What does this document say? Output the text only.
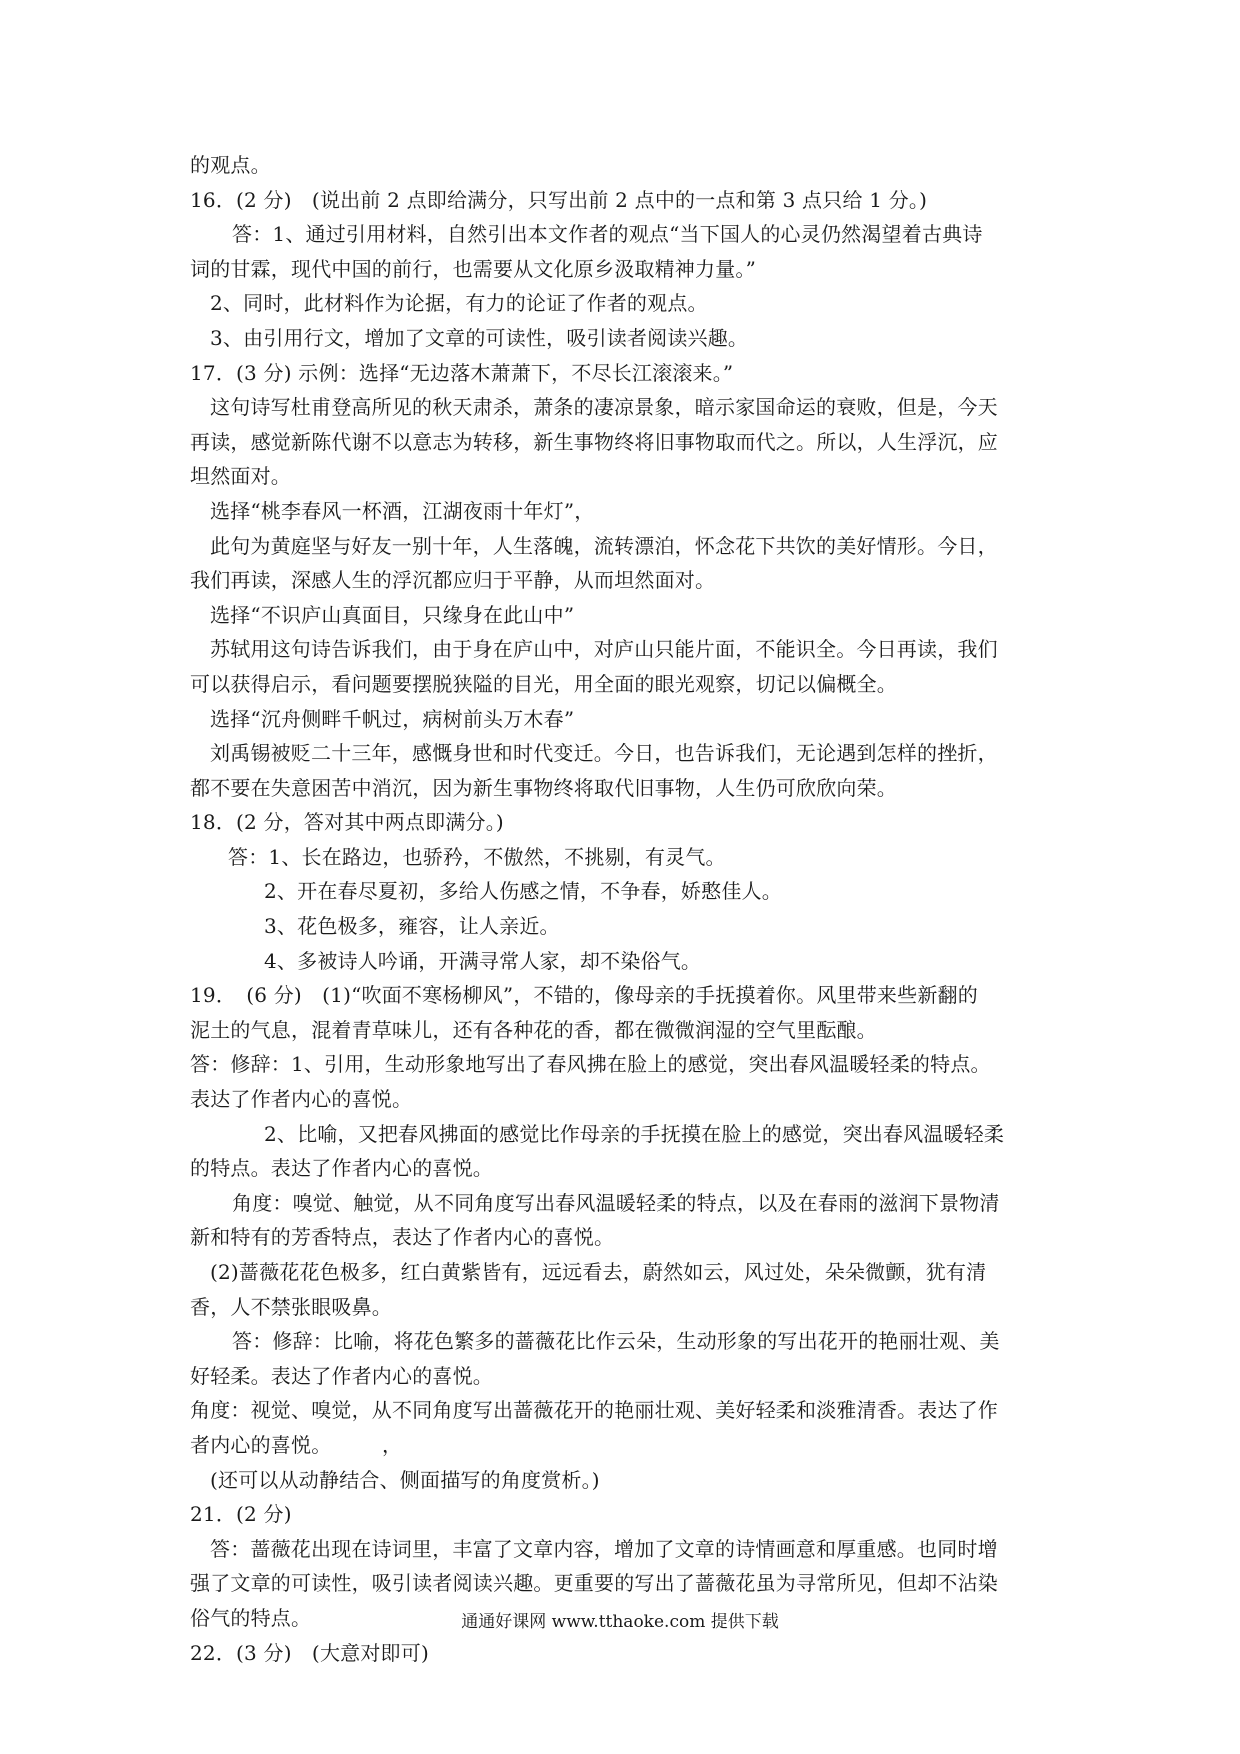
的观点。
16．(2 分)　(说出前 2 点即给满分，只写出前 2 点中的一点和第 3 点只给 1 分。)
答：1、通过引用材料，自然引出本文作者的观点“当下国人的心灵仍然渴望着古典诗
词的甘霖，现代中国的前行，也需要从文化原乡汲取精神力量。”
2、同时，此材料作为论据，有力的论证了作者的观点。
3、由引用行文，增加了文章的可读性，吸引读者阅读兴趣。
17．(3 分) 示例：选择“无边落木萧萧下，不尽长江滚滚来。”
这句诗写杜甫登高所见的秋天肃杀，萧条的凄凉景象，暗示家国命运的衰败，但是，今天
再读，感觉新陈代谢不以意志为转移，新生事物终将旧事物取而代之。所以，人生浮沉，应
坦然面对。
选择“桃李春风一杯酒，江湖夜雨十年灯”，
此句为黄庭坚与好友一别十年，人生落魄，流转漂泊，怀念花下共饮的美好情形。今日，
我们再读，深感人生的浮沉都应归于平静，从而坦然面对。
选择“不识庐山真面目，只缘身在此山中”
苏轼用这句诗告诉我们，由于身在庐山中，对庐山只能片面，不能识全。今日再读，我们
可以获得启示，看问题要摆脱狭隘的目光，用全面的眼光观察，切记以偏概全。
选择“沉舟侧畔千帆过，病树前头万木春”
刘禹锡被贬二十三年，感慨身世和时代变迁。今日，也告诉我们，无论遇到怎样的挫折，
都不要在失意困苦中消沉，因为新生事物终将取代旧事物，人生仍可欣欣向荣。
18．(2 分，答对其中两点即满分。)
答：1、长在路边，也骄矜，不傲然，不挑剔，有灵气。
2、开在春尽夏初，多给人伤感之情，不争春，娇憨佳人。
3、花色极多，雍容，让人亲近。
4、多被诗人吟诵，开满寻常人家，却不染俗气。
19．　(6 分)　(1)“吹面不寒杨柳风”，不错的，像母亲的手抚摸着你。风里带来些新翻的
泥土的气息，混着青草味儿，还有各种花的香，都在微微润湿的空气里酝酿。
答：修辞：1、引用，生动形象地写出了春风拂在脸上的感觉，突出春风温暖轻柔的特点。
表达了作者内心的喜悦。
2、比喻，又把春风拂面的感觉比作母亲的手抚摸在脸上的感觉，突出春风温暖轻柔
的特点。表达了作者内心的喜悦。
角度：嗅觉、触觉，从不同角度写出春风温暖轻柔的特点，以及在春雨的滋润下景物清
新和特有的芳香特点，表达了作者内心的喜悦。
(2)蔷薇花花色极多，红白黄紫皆有，远远看去，蔚然如云，风过处，朵朵微颤，犹有清
香，人不禁张眼吸鼻。
答：修辞：比喻，将花色繁多的蔷薇花比作云朵，生动形象的写出花开的艳丽壮观、美
好轻柔。表达了作者内心的喜悦。
角度：视觉、嗅觉，从不同角度写出蔷薇花开的艳丽壮观、美好轻柔和淡雅清香。表达了作
者内心的喜悦。　　　，
(还可以从动静结合、侧面描写的角度赏析。)
21．(2 分)
答：蔷薇花出现在诗词里，丰富了文章内容，增加了文章的诗情画意和厚重感。也同时增
强了文章的可读性，吸引读者阅读兴趣。更重要的写出了蔷薇花虽为寻常所见，但却不沾染
俗气的特点。
22．(3 分)　(大意对即可)
通通好课网 www.tthaoke.com 提供下载
